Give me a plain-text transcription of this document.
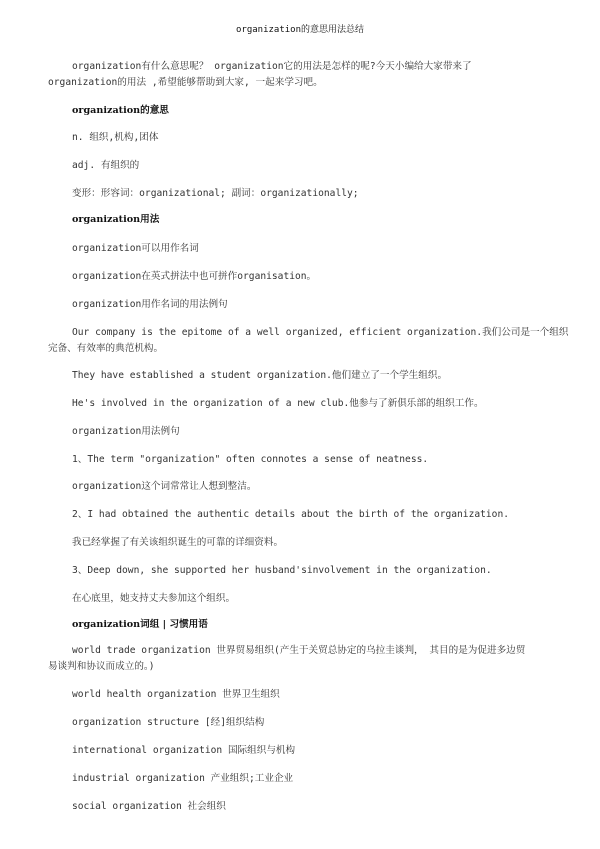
organization的意思用法总结
organization有什么意思呢？ organization它的用法是怎样的呢?今天小编给大家带来了
organization的用法 ,希望能够帮助到大家, 一起来学习吧。
organization的意思
n. 组织,机构,团体
adj. 有组织的
变形：形容词：organizational; 副词：organizationally;
organization用法
organization可以用作名词
organization在英式拼法中也可拼作organisation。
organization用作名词的用法例句
Our company is the epitome of a well organized, efficient organization.我们公司是一个组织
完备、有效率的典范机构。
They have established a student organization.他们建立了一个学生组织。
He's involved in the organization of a new club.他参与了新俱乐部的组织工作。
organization用法例句
1、The term "organization" often connotes a sense of neatness.
organization这个词常常让人想到整洁。
2、I had obtained the authentic details about the birth of the organization.
我已经掌握了有关该组织诞生的可靠的详细资料。
3、Deep down, she supported her husband'sinvolvement in the organization.
在心底里，她支持丈夫参加这个组织。
organization词组 | 习惯用语
world trade organization 世界贸易组织(产生于关贸总协定的乌拉圭谈判， 其目的是为促进多边贸
易谈判和协议而成立的。)
world health organization 世界卫生组织
organization structure [经]组织结构
international organization 国际组织与机构
industrial organization 产业组织;工业企业
social organization 社会组织
